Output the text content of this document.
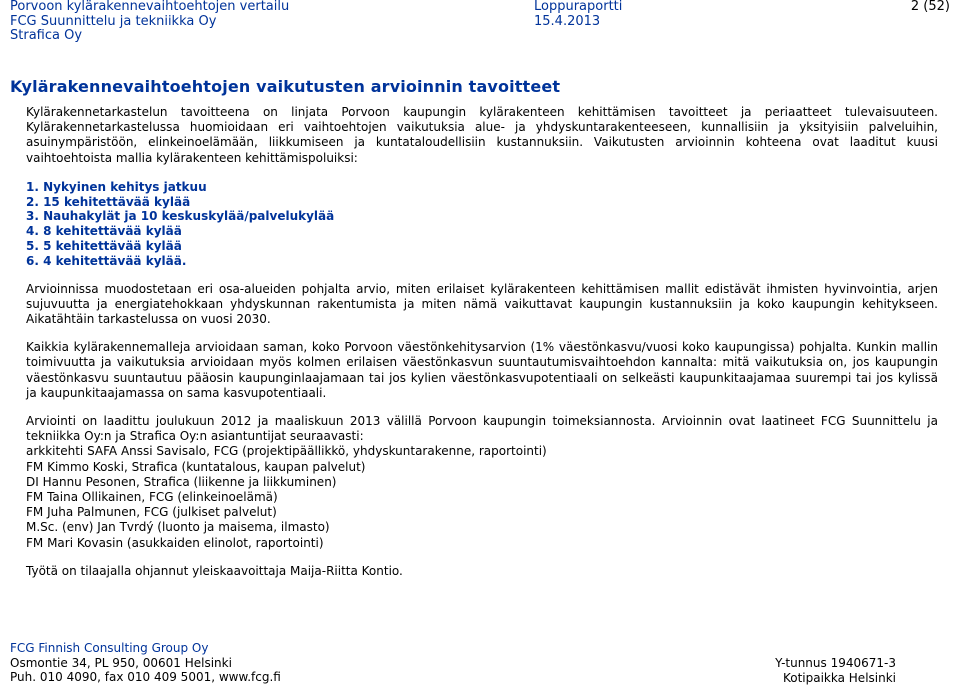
Porvoon kylärakennevaihtoehtojen vertailu
FCG Suunnittelu ja tekniikka Oy
Strafica Oy
Loppuraportti
15.4.2013
2 (52)
Kylärakennevaihtoehtojen vaikutusten arvioinnin tavoitteet

Kylärakennetarkastelun tavoitteena on linjata Porvoon kaupungin kylärakenteen kehittämisen tavoitteet ja periaatteet tulevaisuuteen. Kylärakennetarkastelussa huomioidaan eri vaihtoehtojen vaikutuksia alue- ja yhdyskuntarakenteeseen, kunnallisiin ja yksityisiin palveluihin, asuinympäristöön, elinkeinoelämään, liikkumiseen ja kuntataloudellisiin kustannuksiin. Vaikutusten arvioinnin kohteena ovat laaditut kuusi vaihtoehtoista mallia kylärakenteen kehittämispoluiksi:

1. Nykyinen kehitys jatkuu
2. 15 kehitettävää kylää
3. Nauhakylät ja 10 keskuskylää/palvelukylää
4. 8 kehitettävää kylää
5. 5 kehitettävää kylää
6. 4 kehitettävää kylää.

Arvioinnissa muodostetaan eri osa-alueiden pohjalta arvio, miten erilaiset kylärakenteen kehittämisen mallit edistävät ihmisten hyvinvointia, arjen sujuvuutta ja energiatehokkaan yhdyskunnan rakentumista ja miten nämä vaikuttavat kaupungin kustannuksiin ja koko kaupungin kehitykseen. Aikatähtäin tarkastelussa on vuosi 2030.

Kaikkia kylärakennemalleja arvioidaan saman, koko Porvoon väestönkehitysarvion (1% väestönkasvu/vuosi koko kaupungissa) pohjalta. Kunkin mallin toimivuutta ja vaikutuksia arvioidaan myös kolmen erilaisen väestönkasvun suuntautumisvaihtoehdon kannalta: mitä vaikutuksia on, jos kaupungin väestönkasvu suuntautuu pääosin kaupunginlaajamaan tai jos kylien väestönkasvupotentiaali on selkeästi kaupunkitaajamaa suurempi tai jos kylissä ja kaupunkitaajamassa on sama kasvupotentiaali.

Arviointi on laadittu joulukuun 2012 ja maaliskuun 2013 välillä Porvoon kaupungin toimeksiannosta. Arvioinnin ovat laatineet FCG Suunnittelu ja tekniikka Oy:n ja Strafica Oy:n asiantuntijat seuraavasti:

arkkitehti SAFA Anssi Savisalo, FCG (projektipäällikkö, yhdyskuntarakenne, raportointi)
FM Kimmo Koski, Strafica (kuntatalous, kaupan palvelut)
DI Hannu Pesonen, Strafica (liikenne ja liikkuminen)
FM Taina Ollikainen, FCG (elinkeinoelämä)
FM Juha Palmunen, FCG (julkiset palvelut)
M.Sc. (env) Jan Tvrdý (luonto ja maisema, ilmasto)
FM Mari Kovasin (asukkaiden elinolot, raportointi)

Työtä on tilaajalla ohjannut yleiskaavoittaja Maija-Riitta Kontio.

FCG Finnish Consulting Group Oy
Osmontie 34, PL 950, 00601 Helsinki
Puh. 010 4090, fax 010 409 5001, www.fcg.fi
Y-tunnus 1940671-3
Kotipaikka Helsinki
